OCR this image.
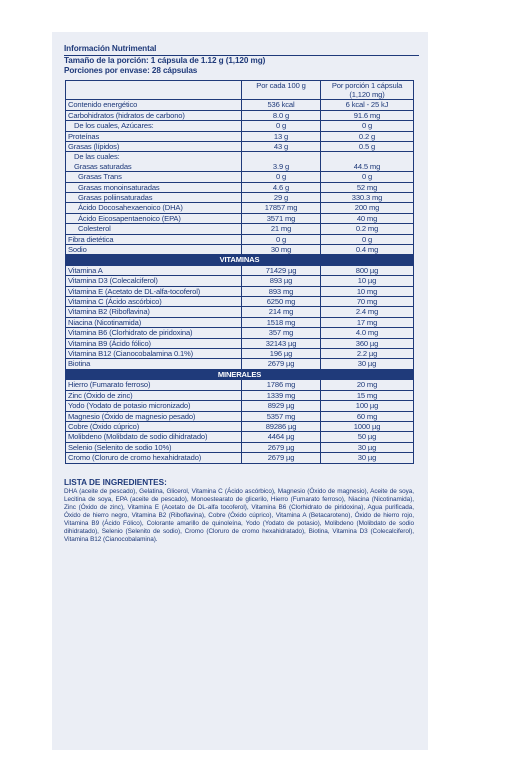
Información Nutrimental
Tamaño de la porción: 1 cápsula de 1.12 g (1,120 mg)
Porciones por envase: 28 cápsulas
	Por cada 100 g	Por porción 1 cápsula (1,120 mg)
Contenido energético	536 kcal	6 kcal - 25 kJ
Carbohidratos (hidratos de carbono)	8.0 g	91.6 mg
De los cuales, Azúcares:	0 g	0 g
Proteínas	13 g	0.2 g
Grasas (lípidos)	43 g	0.5 g
De las cuales:
Grasas saturadas	3.9 g	44.5 mg
Grasas Trans	0 g	0 g
Grasas monoinsaturadas	4.6 g	52 mg
Grasas poliinsaturadas	29 g	330.3 mg
Ácido Docosahexaenoico (DHA)	17857 mg	200 mg
Ácido Eicosapentaenoico (EPA)	3571 mg	40 mg
Colesterol	21 mg	0.2 mg
Fibra dietética	0 g	0 g
Sodio	30 mg	0.4 mg
VITAMINAS		
Vitamina A	71429 µg	800 µg
Vitamina D3 (Colecalciferol)	893 µg	10 µg
Vitamina E (Acetato de DL-alfa-tocoferol)	893 mg	10 mg
Vitamina C (Ácido ascórbico)	6250 mg	70 mg
Vitamina B2 (Riboflavina)	214 mg	2.4 mg
Niacina (Nicotinamida)	1518 mg	17 mg
Vitamina B6 (Clorhidrato de piridoxina)	357 mg	4.0 mg
Vitamina B9 (Ácido fólico)	32143 µg	360 µg
Vitamina B12 (Cianocobalamina 0.1%)	196 µg	2.2 µg
Biotina	2679 µg	30 µg
MINERALES		
Hierro (Fumarato ferroso)	1786 mg	20 mg
Zinc (Óxido de zinc)	1339 mg	15 mg
Yodo (Yodato de potasio micronizado)	8929 µg	100 µg
Magnesio (Óxido de magnesio pesado)	5357 mg	60 mg
Cobre (Óxido cúprico)	89286 µg	1000 µg
Molibdeno (Molibdato de sodio dihidratado)	4464 µg	50 µg
Selenio (Selenito de sodio 10%)	2679 µg	30 µg
Cromo (Cloruro de cromo hexahidratado)	2679 µg	30 µg
LISTA DE INGREDIENTES:
DHA (aceite de pescado), Gelatina, Glicerol, Vitamina C (Ácido ascórbico), Magnesio (Óxido de magnesio), Aceite de soya, Lecitina de soya, EPA (aceite de pescado), Monoestearato de glicerilo, Hierro (Fumarato ferroso), Niacina (Nicotinamida), Zinc (Óxido de zinc), Vitamina E (Acetato de DL-alfa tocoferol), Vitamina B6 (Clorhidrato de piridoxina), Agua purificada, Óxido de hierro negro, Vitamina B2 (Riboflavina), Cobre (Óxido cúprico), Vitamina A (Betacaroteno), Óxido de hierro rojo, Vitamina B9 (Ácido Fólico), Colorante amarillo de quinoleína, Yodo (Yodato de potasio), Molibdeno (Molibdato de sodio dihidratado), Selenio (Selenito de sodio), Cromo (Cloruro de cromo hexahidratado), Biotina, Vitamina D3 (Colecalciferol), Vitamina B12 (Cianocobalamina).
